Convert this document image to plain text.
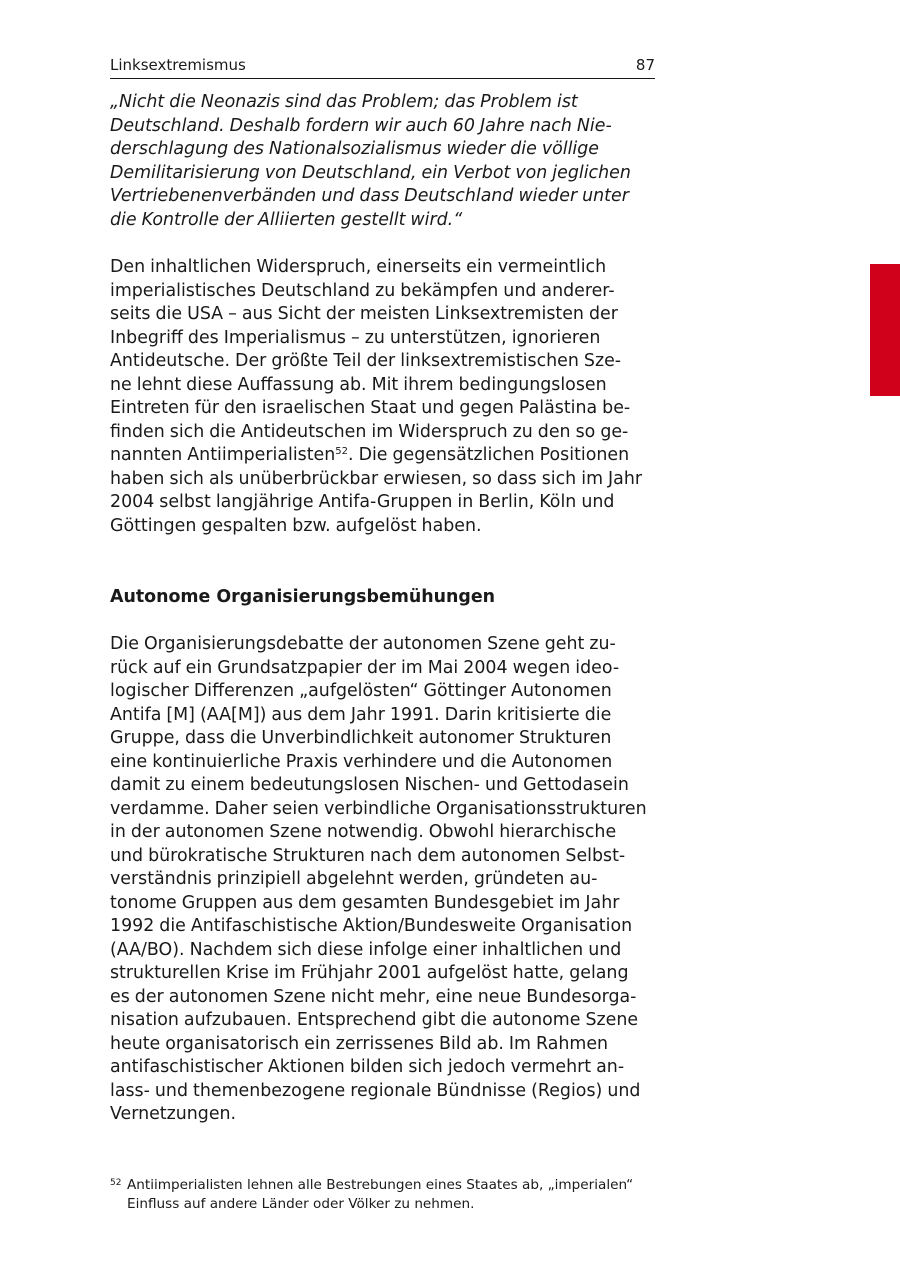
Linksextremismus	87
„Nicht die Neonazis sind das Problem; das Problem ist
Deutschland. Deshalb fordern wir auch 60 Jahre nach Nie-
derschlagung des Nationalsozialismus wieder die völlige
Demilitarisierung von Deutschland, ein Verbot von jeglichen
Vertriebenenverbänden und dass Deutschland wieder unter
die Kontrolle der Alliierten gestellt wird.“
Den inhaltlichen Widerspruch, einerseits ein vermeintlich
imperialistisches Deutschland zu bekämpfen und anderer-
seits die USA – aus Sicht der meisten Linksextremisten der
Inbegriff des Imperialismus – zu unterstützen, ignorieren
Antideutsche. Der größte Teil der linksextremistischen Sze-
ne lehnt diese Auffassung ab. Mit ihrem bedingungslosen
Eintreten für den israelischen Staat und gegen Palästina be-
finden sich die Antideutschen im Widerspruch zu den so ge-
nannten Antiimperialisten$^{52}$. Die gegensätzlichen Positionen
haben sich als unüberbrückbar erwiesen, so dass sich im Jahr
2004 selbst langjährige Antifa-Gruppen in Berlin, Köln und
Göttingen gespalten bzw. aufgelöst haben.
Autonome Organisierungsbemühungen
Die Organisierungsdebatte der autonomen Szene geht zu-
rück auf ein Grundsatzpapier der im Mai 2004 wegen ideo-
logischer Differenzen „aufgelösten“ Göttinger Autonomen
Antifa [M] (AA[M]) aus dem Jahr 1991. Darin kritisierte die
Gruppe, dass die Unverbindlichkeit autonomer Strukturen
eine kontinuierliche Praxis verhindere und die Autonomen
damit zu einem bedeutungslosen Nischen- und Gettodasein
verdamme. Daher seien verbindliche Organisationsstrukturen
in der autonomen Szene notwendig. Obwohl hierarchische
und bürokratische Strukturen nach dem autonomen Selbst-
verständnis prinzipiell abgelehnt werden, gründeten au-
tonome Gruppen aus dem gesamten Bundesgebiet im Jahr
1992 die Antifaschistische Aktion/Bundesweite Organisation
(AA/BO). Nachdem sich diese infolge einer inhaltlichen und
strukturellen Krise im Frühjahr 2001 aufgelöst hatte, gelang
es der autonomen Szene nicht mehr, eine neue Bundesorga-
nisation aufzubauen. Entsprechend gibt die autonome Szene
heute organisatorisch ein zerrissenes Bild ab. Im Rahmen
antifaschistischer Aktionen bilden sich jedoch vermehrt an-
lass- und themenbezogene regionale Bündnisse (Regios) und
Vernetzungen.
52 Antiimperialisten lehnen alle Bestrebungen eines Staates ab, „imperialen“
Einfluss auf andere Länder oder Völker zu nehmen.
